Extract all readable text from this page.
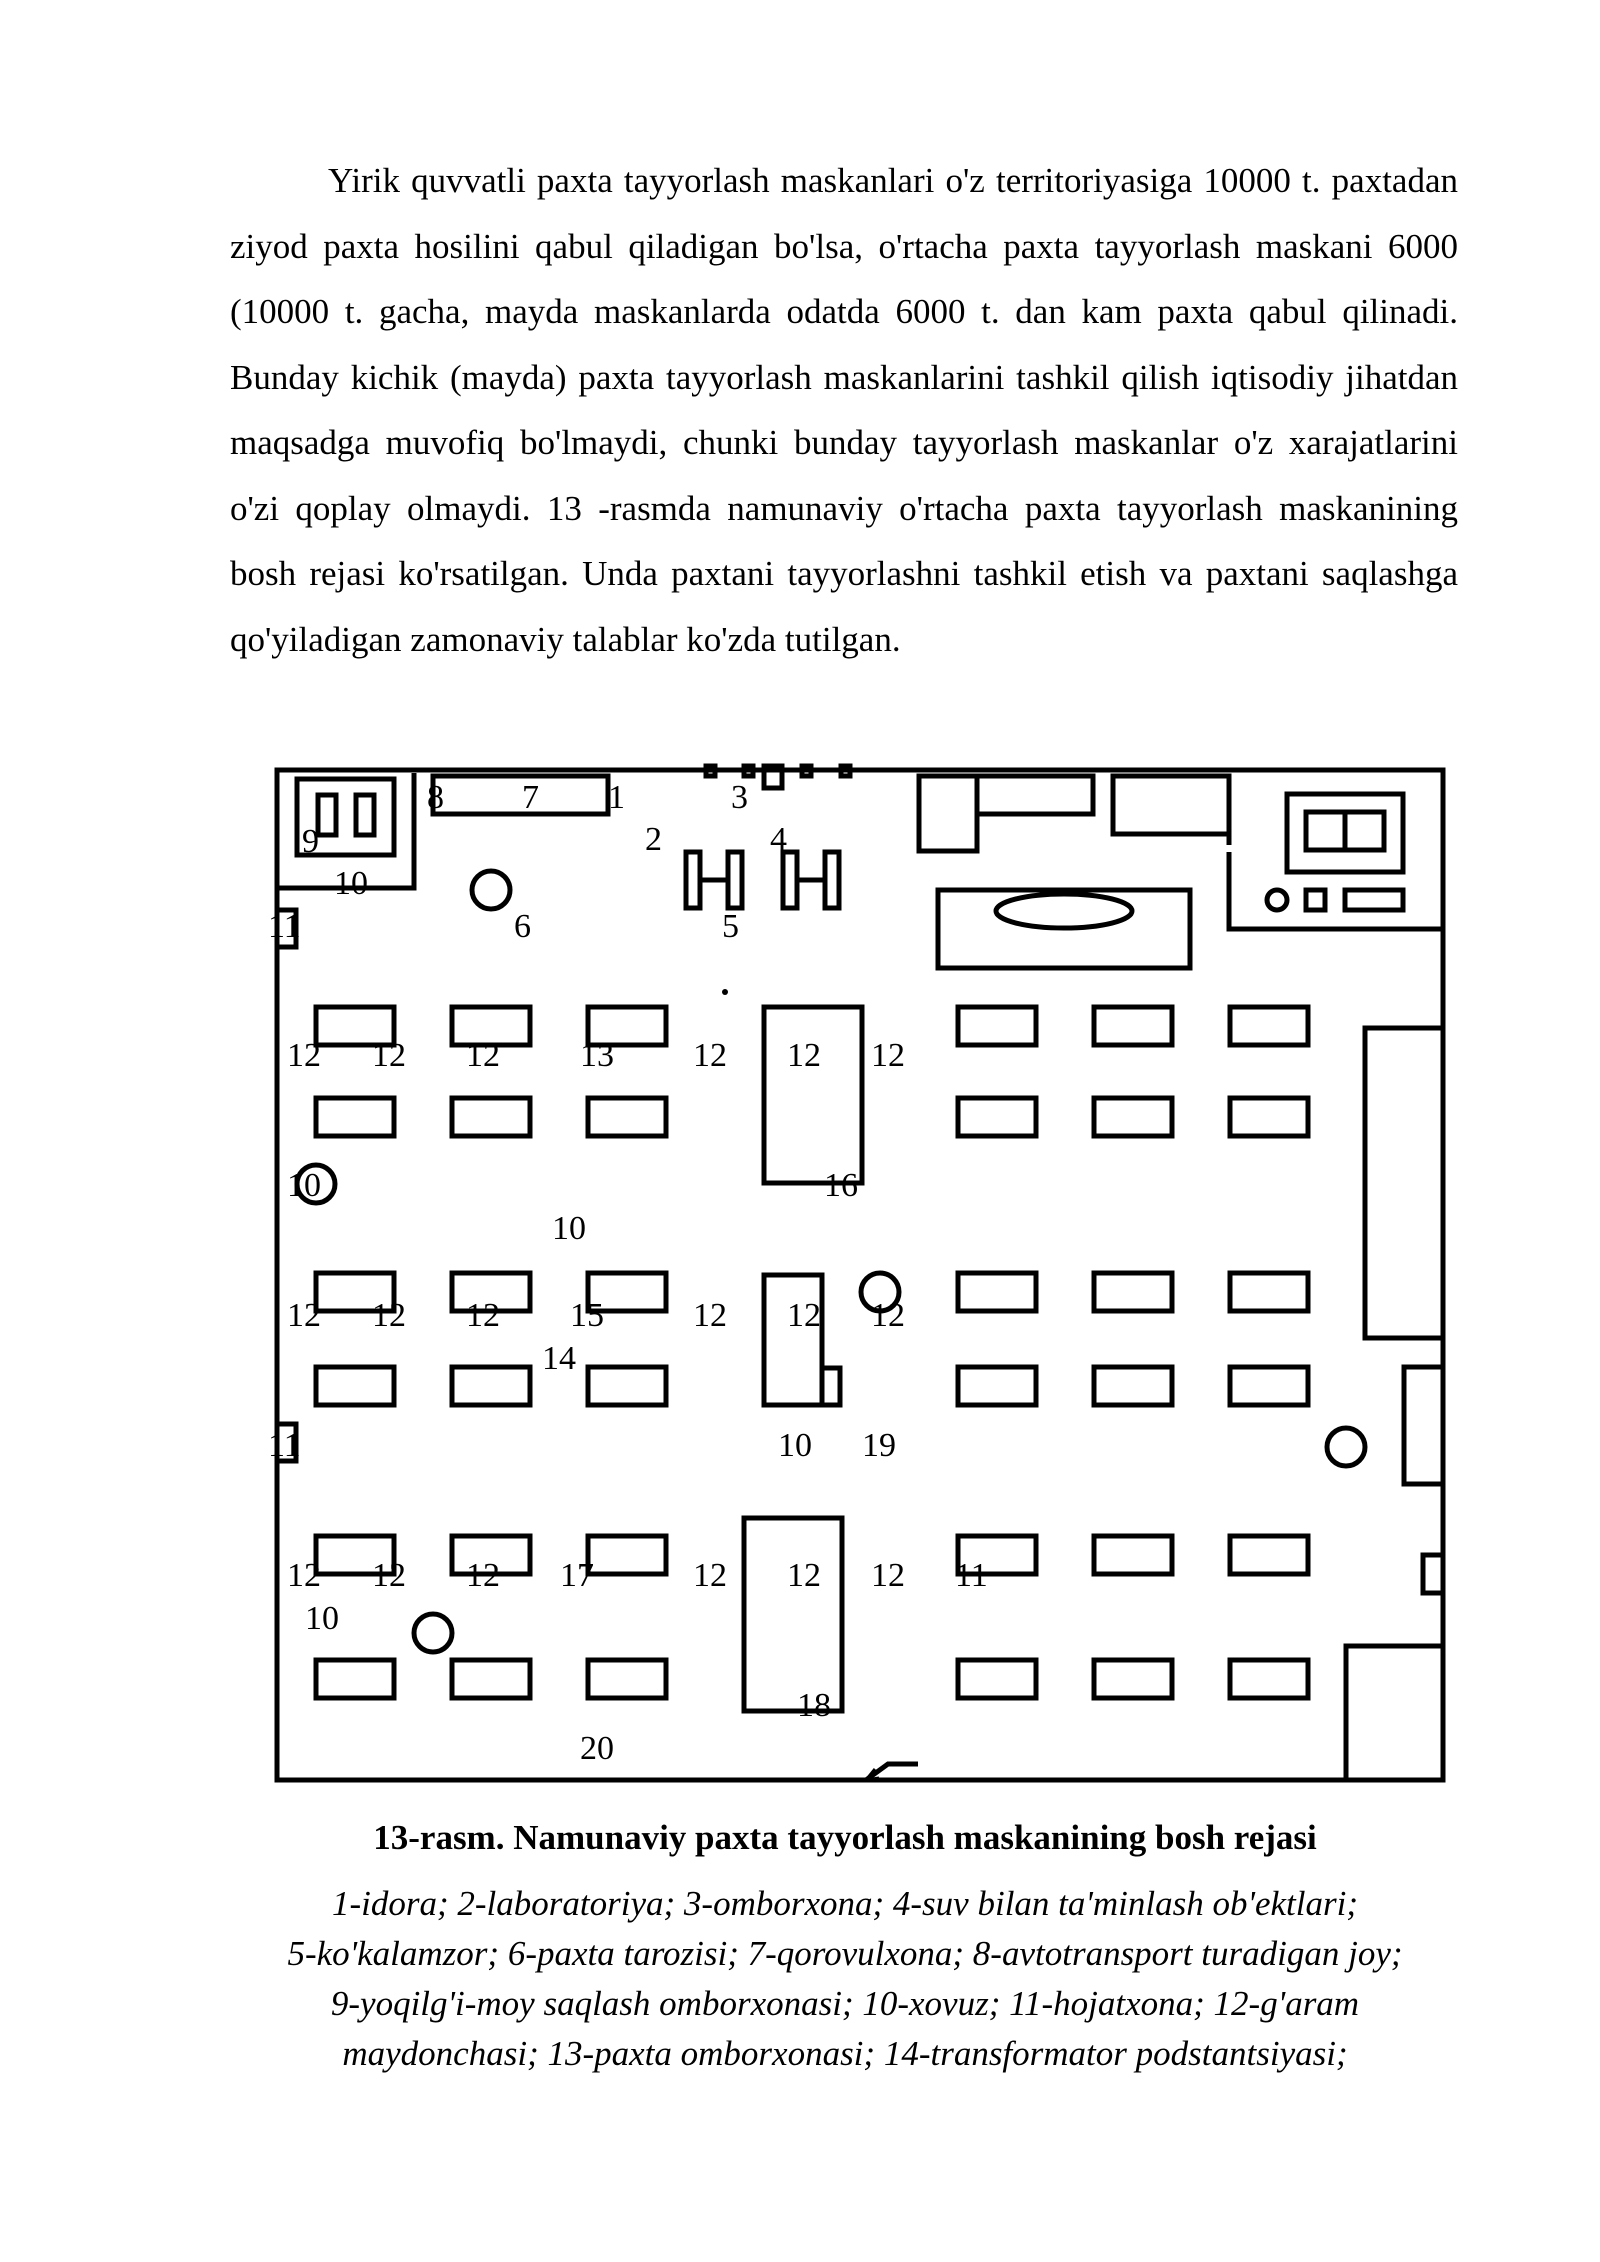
Yirik quvvatli paxta tayyorlash maskanlari o'z territoriyasiga 10000 t. paxtadan ziyod paxta hosilini qabul qiladigan bo'lsa, o'rtacha paxta tayyorlash maskani 6000 (10000 t. gacha, mayda maskanlarda odatda 6000 t. dan kam paxta qabul qilinadi. Bunday kichik (mayda) paxta tayyorlash maskanlarini tashkil qilish iqtisodiy jihatdan maqsadga muvofiq bo'lmaydi, chunki bunday tayyorlash maskanlar o'z xarajatlarini o'zi qoplay olmaydi. 13 -rasmda namunaviy o'rtacha paxta tayyorlash maskanining bosh rejasi ko'rsatilgan. Unda paxtani tayyorlashni tashkil etish va paxtani saqlashga qo'yiladigan zamonaviy talablar ko'zda tutilgan.

8 7 1	3
2	4
9
10
6	5
11
12 12 12 13 12 12 12
10	16
10
12 12 12 15	12 12 12
14
11	10 19
12 12 12 17	12 12 12 11
10
18
20

13-rasm. Namunaviy paxta tayyorlash maskanining bosh rejasi

1-idora; 2-laboratoriya; 3-omborxona; 4-suv bilan ta'minlash ob'ektlari;

5-ko'kalamzor; 6-paxta tarozisi; 7-qorovulxona; 8-avtotransport turadigan joy;

9-yoqilg'i-moy saqlash omborxonasi; 10-xovuz; 11-hojatxona; 12-g'aram

maydonchasi; 13-paxta omborxonasi; 14-transformator podstantsiyasi;
